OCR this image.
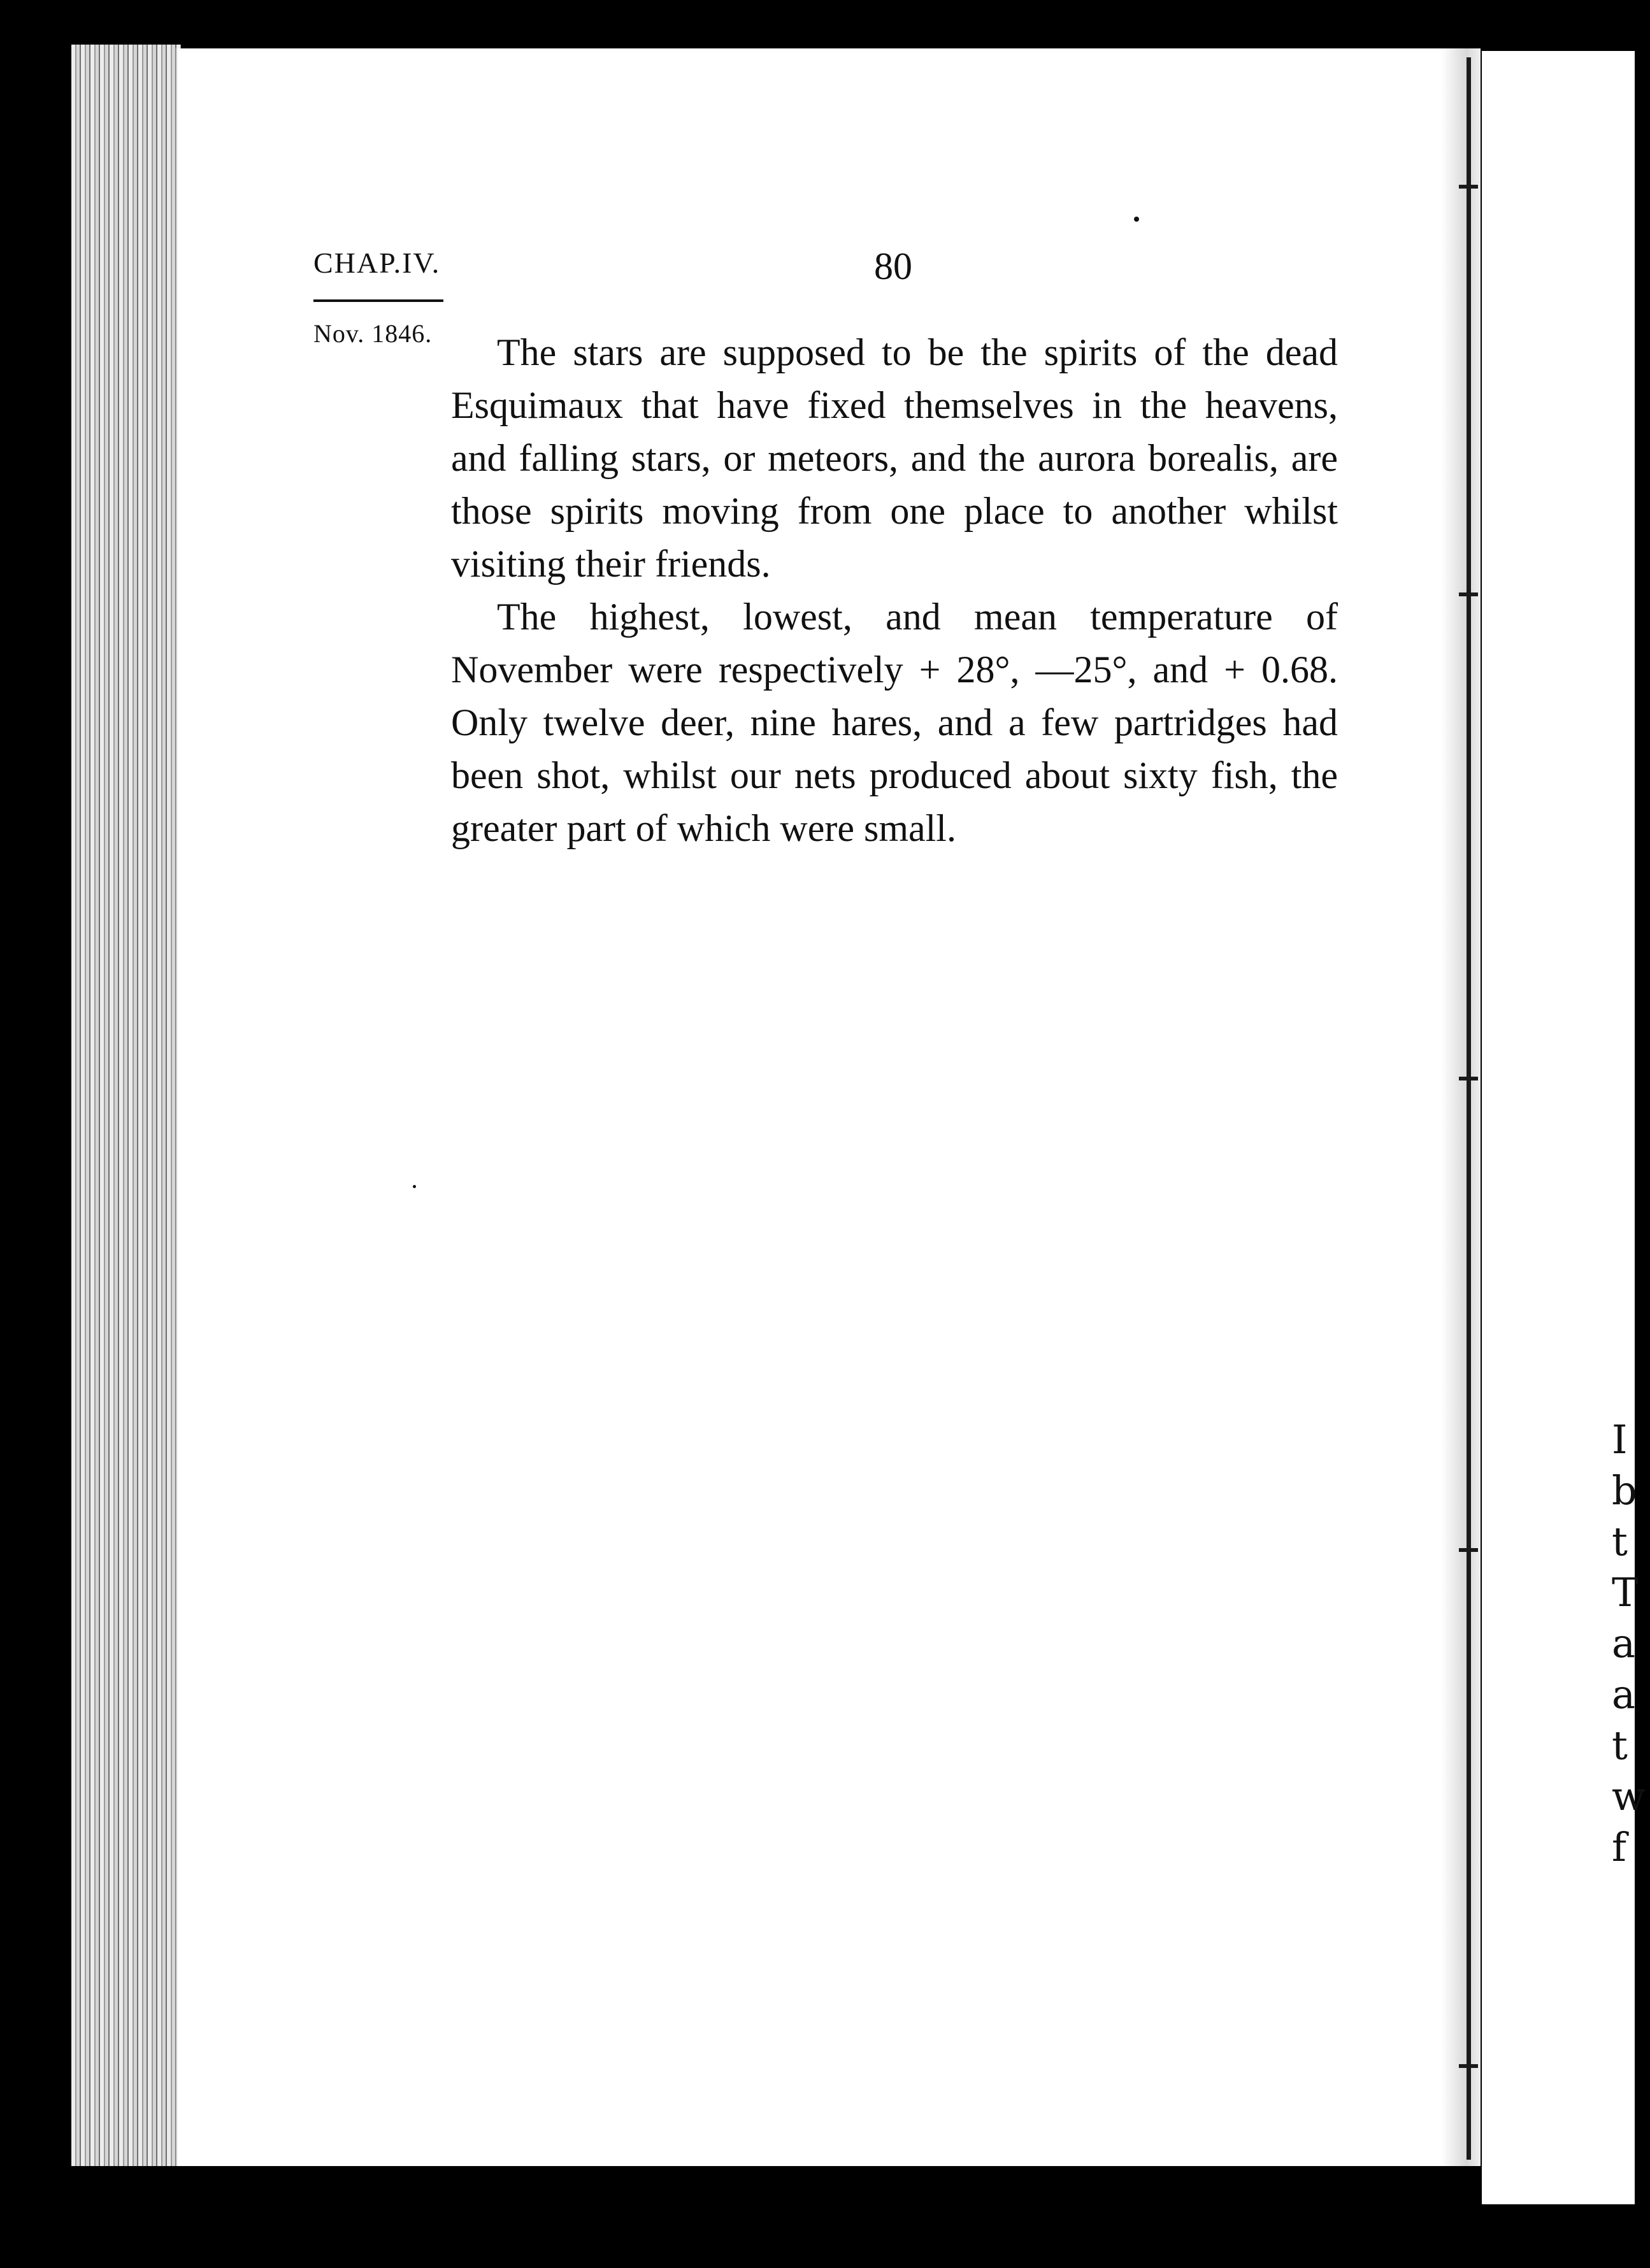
I
b
t
T
a
a
t
w
f
CHAP.IV.	80
Nov. 1846.	The stars are supposed to be the spirits of the dead Esquimaux that have fixed themselves in the heavens, and falling stars, or meteors, and the aurora borealis, are those spirits moving from one place to another whilst visiting their friends.

The highest, lowest, and mean temperature of November were respectively + 28°, —25°, and + 0.68. Only twelve deer, nine hares, and a few partridges had been shot, whilst our nets produced about sixty fish, the greater part of which were small.
